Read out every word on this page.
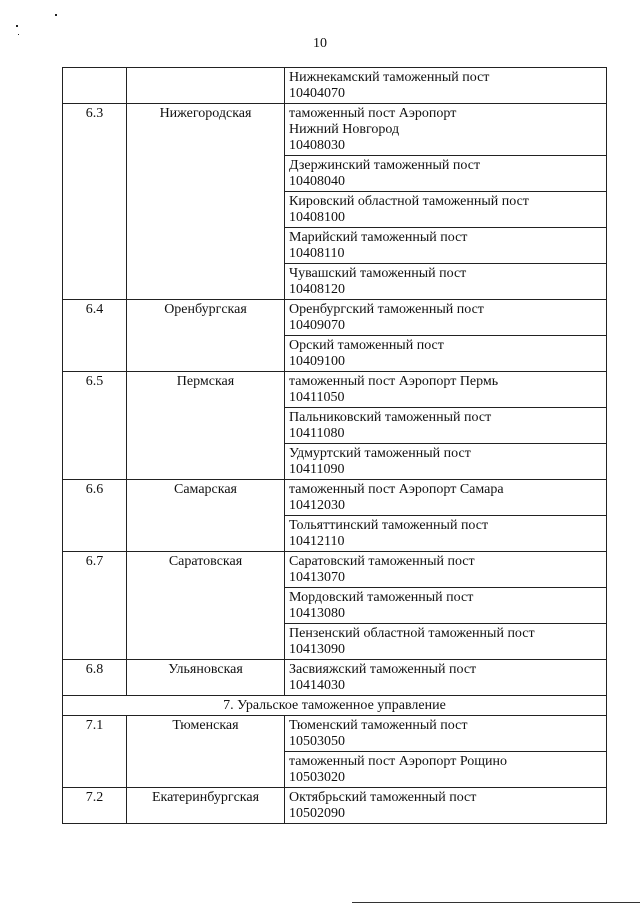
10

		Нижнекамский таможенный пост
10404070

6.3	Нижегородская	таможенный пост Аэропорт
Нижний Новгород
10408030

		Дзержинский таможенный пост
10408040

		Кировский областной таможенный пост
10408100

		Марийский таможенный пост
10408110

		Чувашский таможенный пост
10408120

6.4	Оренбургская	Оренбургский таможенный пост
10409070

		Орский таможенный пост
10409100

6.5	Пермская	таможенный пост Аэропорт Пермь
10411050

		Пальниковский таможенный пост
10411080

		Удмуртский таможенный пост
10411090

6.6	Самарская	таможенный пост Аэропорт Самара
10412030

		Тольяттинский таможенный пост
10412110

6.7	Саратовская	Саратовский таможенный пост
10413070

		Мордовский таможенный пост
10413080

		Пензенский областной таможенный пост
10413090

6.8	Ульяновская	Засвияжский таможенный пост
10414030

7. Уральское таможенное управление		
7.1	Тюменская	Тюменский таможенный пост
10503050

		таможенный пост Аэропорт Рощино
10503020

7.2	Екатеринбургская	Октябрьский таможенный пост
10502090
